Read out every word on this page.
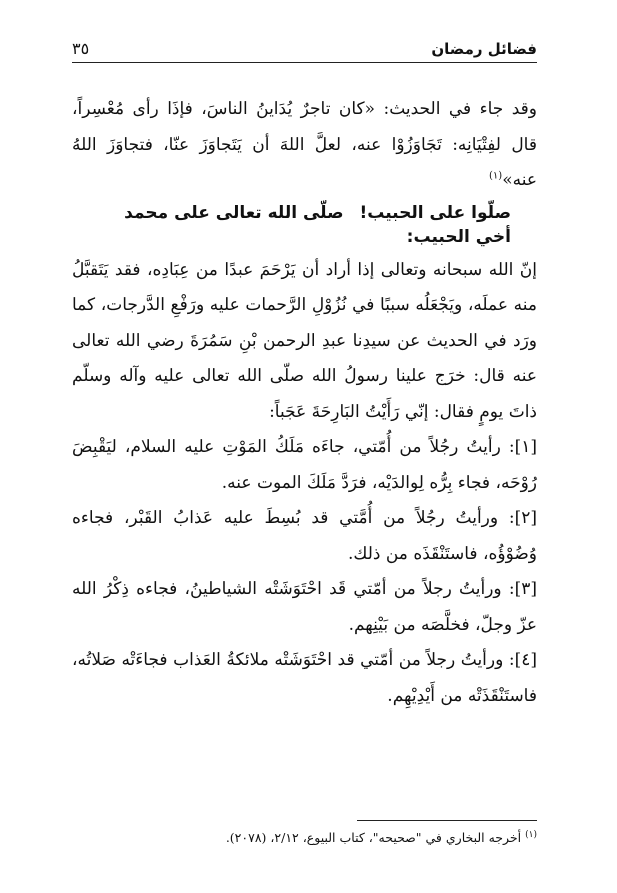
فضائل رمضان
٣٥

وقد جاء في الحديث: «كان تاجرٌ يُدَاينُ الناسَ، فإذَا رأى مُعْسِراً، قال لفِتْيَانِه: تَجَاوَزُوْا عنه، لعلَّ اللهَ أن يَتَجاوَزَ عنّا، فتجاوَزَ اللهُ عنه»$^{(١)}$

صلّوا على الحبيب! صلّى الله تعالى على محمد
أخي الحبيب:

إنّ الله سبحانه وتعالى إذا أراد أن يَرْحَمَ عبدًا من عِبَادِه، فقد يَتَقبَّلُ منه عملَه، ويَجْعَلُه سببًا في نُزُوْلِ الرَّحمات عليه ورَفْعِ الدَّرجات، كما ورَد في الحديث عن سيدِنا عبدِ الرحمن بْنِ سَمُرَةَ رضي الله تعالى عنه قال: خرَج علينا رسولُ الله صلّى الله تعالى عليه وآله وسلّم ذاتَ يومٍ فقال: إنّي رَأَيْتُ البَارِحَةَ عَجَباً:

[١]: رأيتُ رجُلاً من أُمّتي، جاءَه مَلَكُ المَوْتِ عليه السلام، ليَقْبِضَ رُوْحَه، فجاء بِرُّه لِوالدَيْه، فرَدَّ مَلَكَ الموت عنه.

[٢]: ورأيتُ رجُلاً من أُمَّتي قد بُسِطَ عليه عَذابُ القَبْر، فجاءه وُضُوْؤُه، فاستَنْقَذَه من ذلك.

[٣]: ورأيتُ رجلاً من أمّتي قَد احْتَوَشَتْه الشياطينُ، فجاءه ذِكْرُ الله عزّ وجلّ، فخلَّصَه من بَيْنِهم.

[٤]: ورأيتُ رجلاً من أمّتي قد احْتَوَشَتْه ملائكةُ العَذاب فجاءَتْه صَلاتُه، فاستَنْقَذَتْه من أَيْدِيْهِم.

$^{(١)}$ أخرجه البخاري في "صحيحه"، كتاب البيوع، ٢/١٢، (٢٠٧٨).
